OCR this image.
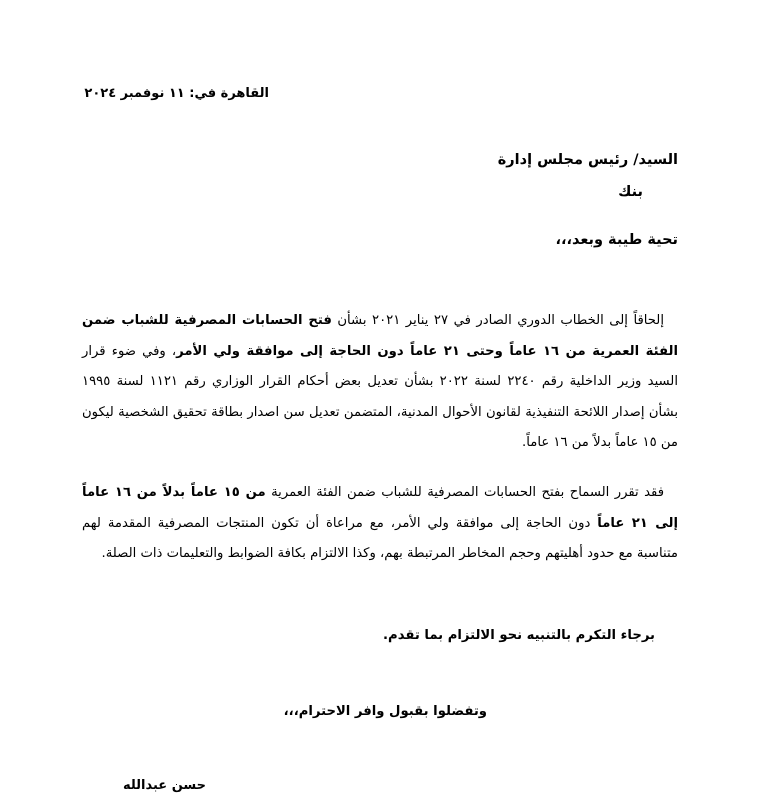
القاهرة في: ١١ نوفمبر ٢٠٢٤
السيد/ رئيس مجلس إدارة
بنك
تحية طيبة وبعد،،،
إلحاقاً إلى الخطاب الدوري الصادر في ٢٧ يناير ٢٠٢١ بشأن فتح الحسابات المصرفية للشباب ضمن الفئة العمرية من ١٦ عاماً وحتى ٢١ عاماً دون الحاجة إلى موافقة ولي الأمر، وفي ضوء قرار السيد وزير الداخلية رقم ٢٢٤٠ لسنة ٢٠٢٢ بشأن تعديل بعض أحكام القرار الوزاري رقم ١١٢١ لسنة ١٩٩٥ بشأن إصدار اللائحة التنفيذية لقانون الأحوال المدنية، المتضمن تعديل سن اصدار بطاقة تحقيق الشخصية ليكون من ١٥ عاماً بدلاً من ١٦ عاماً.
فقد تقرر السماح بفتح الحسابات المصرفية للشباب ضمن الفئة العمرية من ١٥ عاماً بدلاً من ١٦ عاماً إلى ٢١ عاماً دون الحاجة إلى موافقة ولي الأمر، مع مراعاة أن تكون المنتجات المصرفية المقدمة لهم متناسبة مع حدود أهليتهم وحجم المخاطر المرتبطة بهم، وكذا الالتزام بكافة الضوابط والتعليمات ذات الصلة.
برجاء التكرم بالتنبيه نحو الالتزام بما تقدم.
وتفضلوا بقبول وافر الاحترام،،،
حسن عبدالله
